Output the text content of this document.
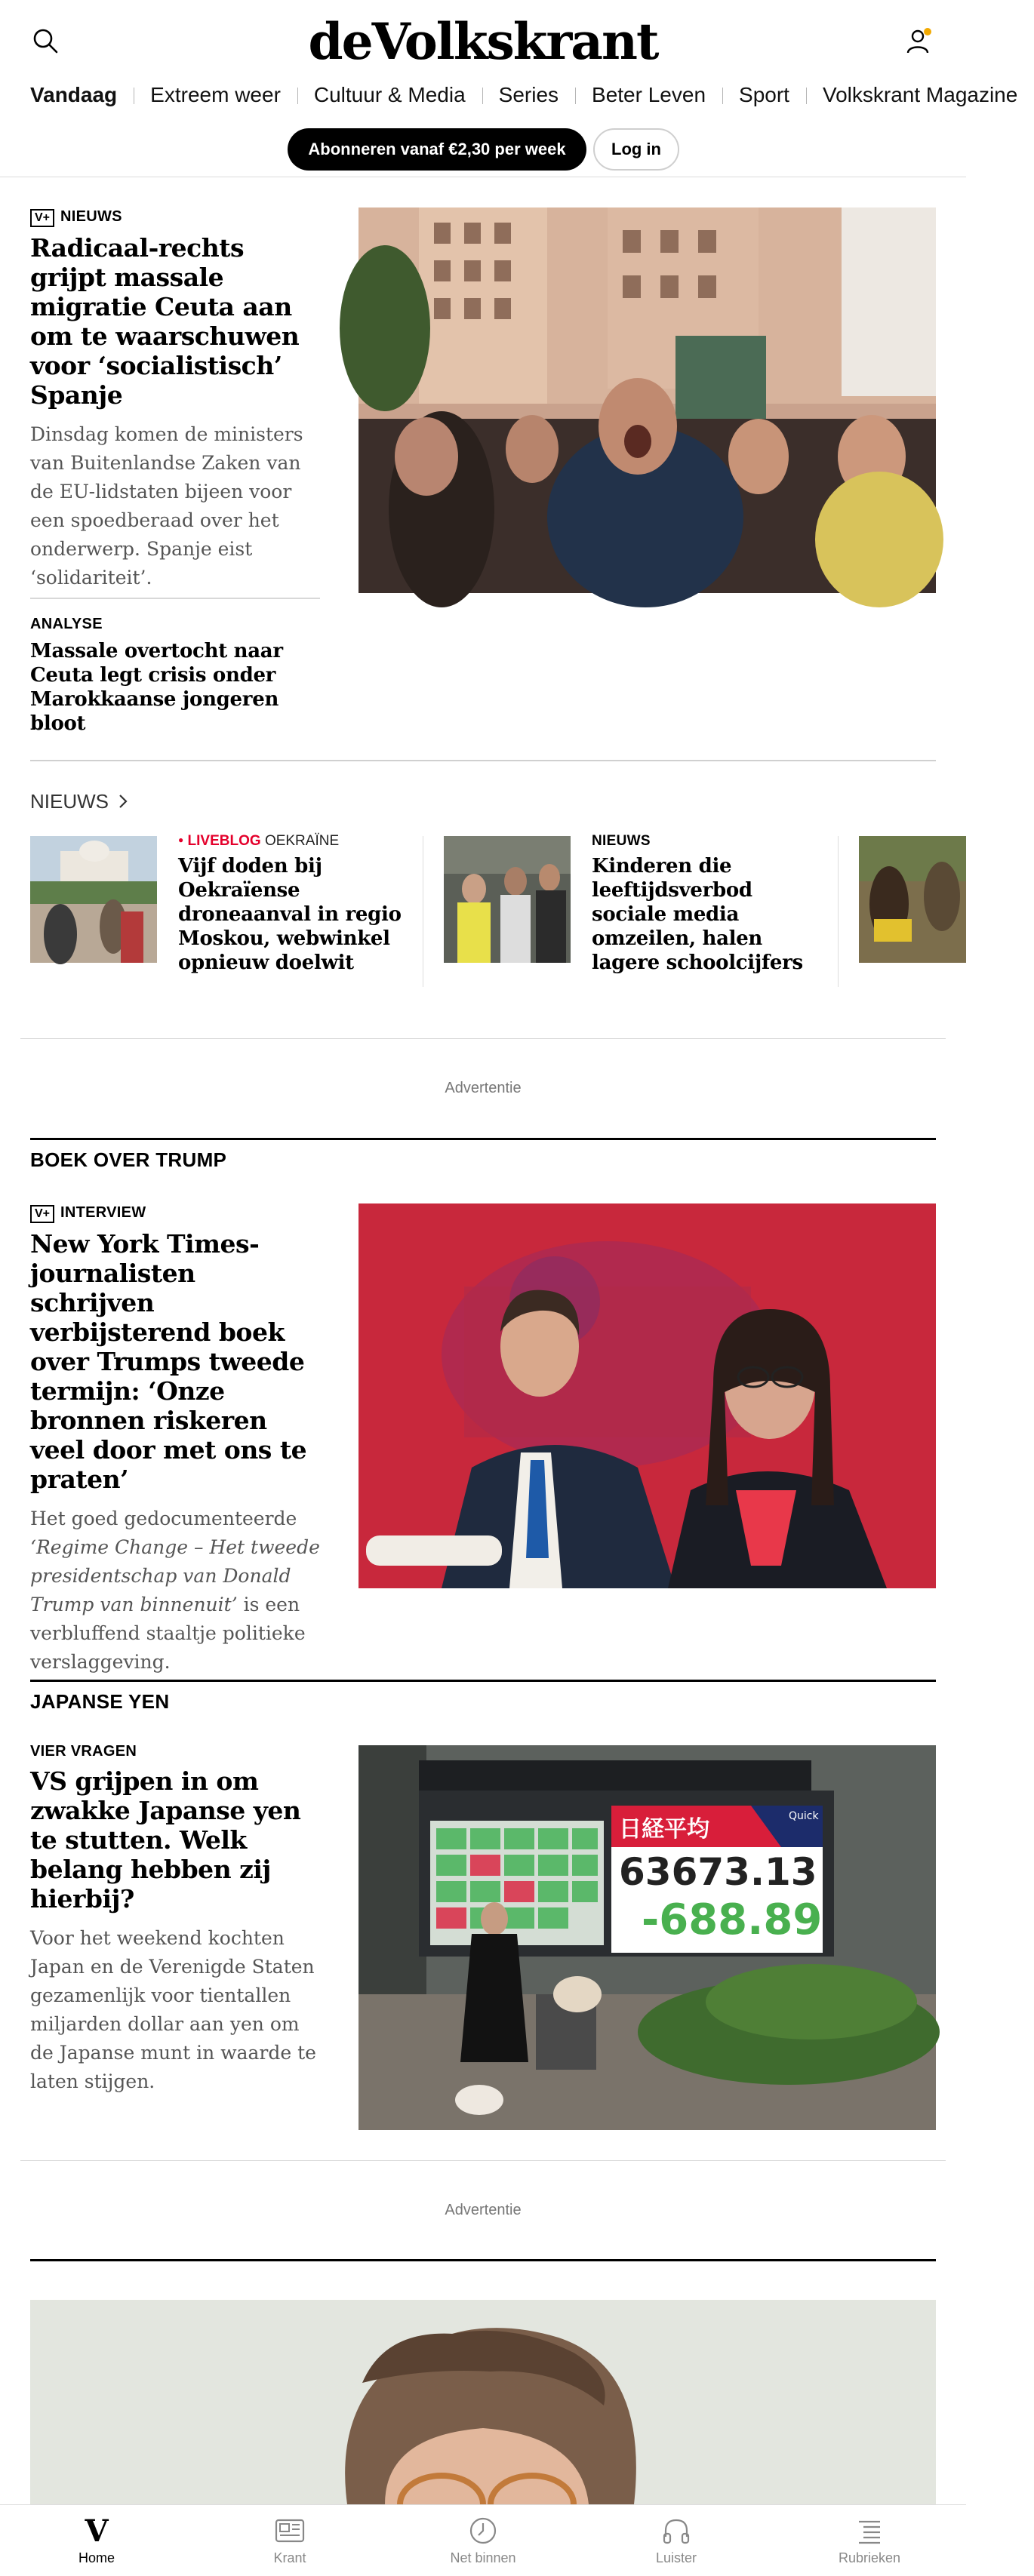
deVolkskrant
Vandaag	Extreem weer	Cultuur & Media	Series	Beter Leven	Sport	Volkskrant Magazine
Abonneren vanaf €2,30 per week	Log in
V+ NIEUWS
Radicaal-rechts grijpt massale migratie Ceuta aan om te waarschuwen voor ‘socialistisch’ Spanje
Dinsdag komen de ministers van Buitenlandse Zaken van de EU-lidstaten bijeen voor een spoedberaad over het onderwerp. Spanje eist ‘solidariteit’.
ANALYSE
Massale overtocht naar Ceuta legt crisis onder Marokkaanse jongeren bloot
NIEUWS
● LIVEBLOG OEKRAÏNE
Vijf doden bij Oekraïense droneaanval in regio Moskou, webwinkel opnieuw doelwit
NIEUWS
Kinderen die leeftijdsverbod sociale media omzeilen, halen lagere schoolcijfers
Advertentie
BOEK OVER TRUMP
V+ INTERVIEW
New York Times-journalisten schrijven verbijsterend boek over Trumps tweede termijn: ‘Onze bronnen riskeren veel door met ons te praten’
Het goed gedocumenteerde ‘Regime Change – Het tweede presidentschap van Donald Trump van binnenuit’ is een verbluffend staaltje politieke verslaggeving.
JAPANSE YEN
VIER VRAGEN
VS grijpen in om zwakke Japanse yen te stutten. Welk belang hebben zij hierbij?
Voor het weekend kochten Japan en de Verenigde Staten gezamenlijk voor tientallen miljarden dollar aan yen om de Japanse munt in waarde te laten stijgen.
日経平均	Quick
63673.13
-688.89
Advertentie
V
Home	Krant	Net binnen	Luister	Rubrieken
